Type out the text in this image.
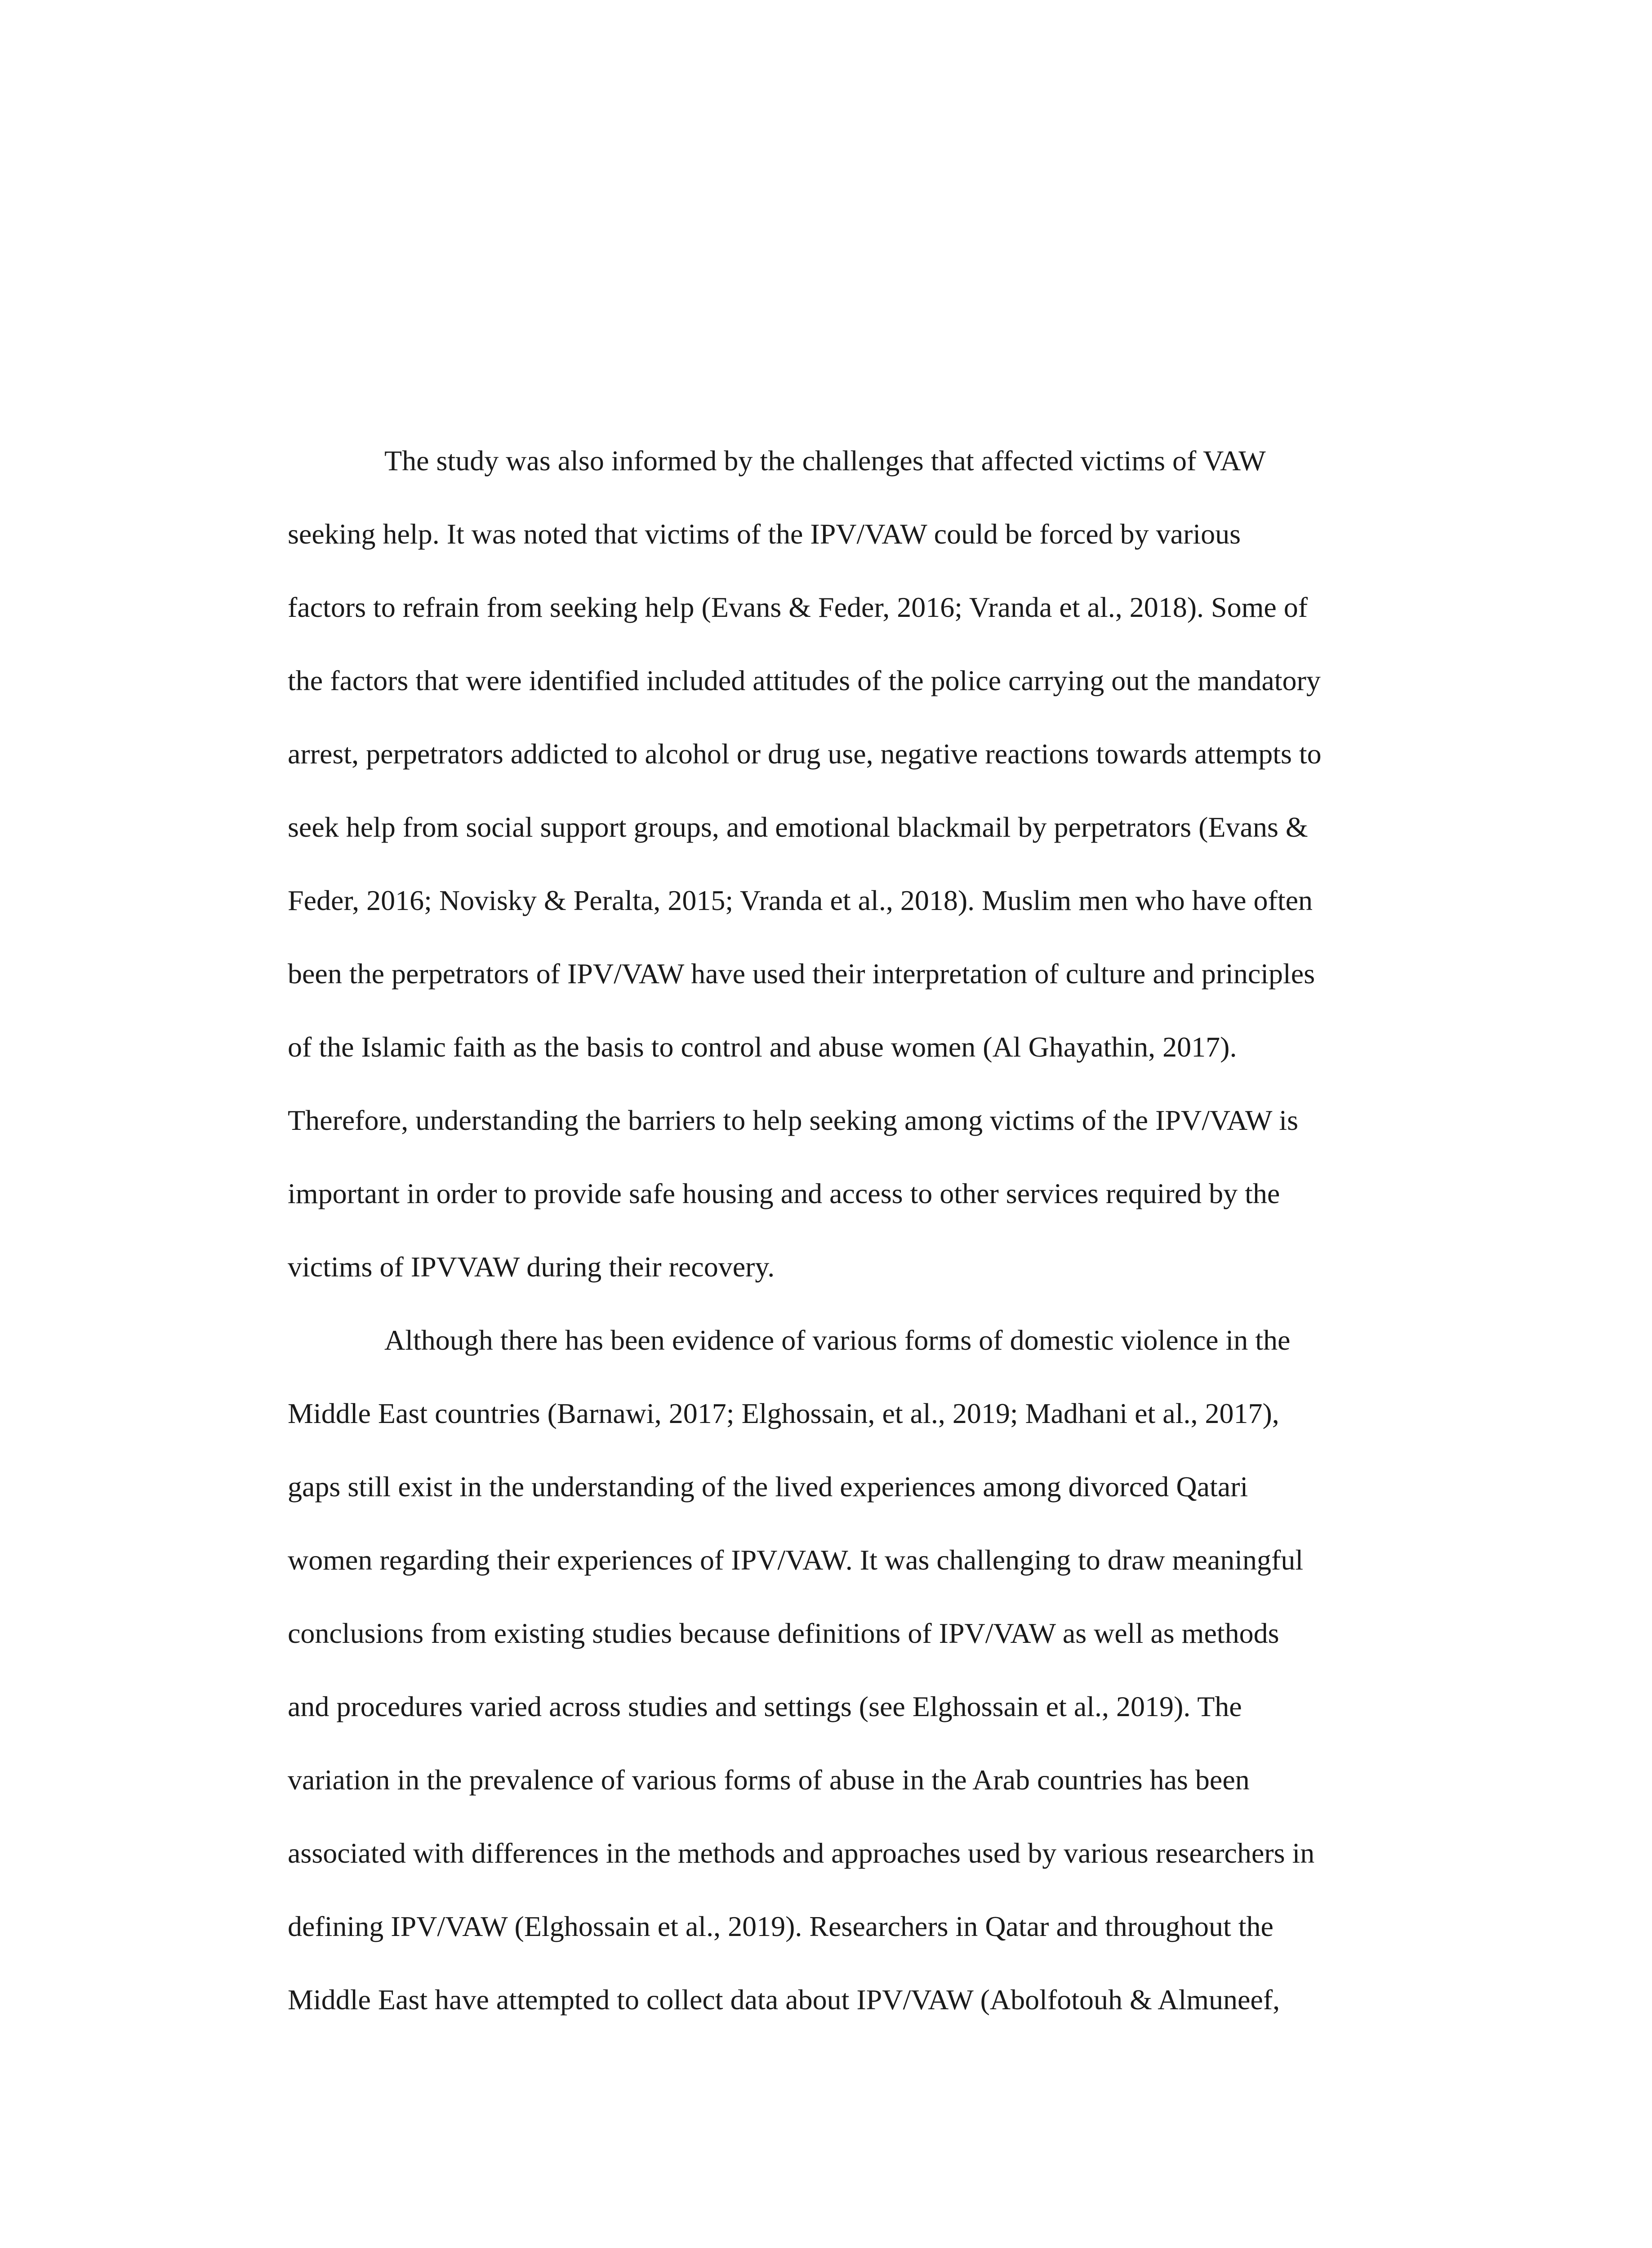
The study was also informed by the challenges that affected victims of VAW
seeking help. It was noted that victims of the IPV/VAW could be forced by various
factors to refrain from seeking help (Evans & Feder, 2016; Vranda et al., 2018). Some of
the factors that were identified included attitudes of the police carrying out the mandatory
arrest, perpetrators addicted to alcohol or drug use, negative reactions towards attempts to
seek help from social support groups, and emotional blackmail by perpetrators (Evans &
Feder, 2016; Novisky & Peralta, 2015; Vranda et al., 2018). Muslim men who have often
been the perpetrators of IPV/VAW have used their interpretation of culture and principles
of the Islamic faith as the basis to control and abuse women (Al Ghayathin, 2017).
Therefore, understanding the barriers to help seeking among victims of the IPV/VAW is
important in order to provide safe housing and access to other services required by the
victims of IPVVAW during their recovery.
Although there has been evidence of various forms of domestic violence in the
Middle East countries (Barnawi, 2017; Elghossain, et al., 2019; Madhani et al., 2017),
gaps still exist in the understanding of the lived experiences among divorced Qatari
women regarding their experiences of IPV/VAW. It was challenging to draw meaningful
conclusions from existing studies because definitions of IPV/VAW as well as methods
and procedures varied across studies and settings (see Elghossain et al., 2019). The
variation in the prevalence of various forms of abuse in the Arab countries has been
associated with differences in the methods and approaches used by various researchers in
defining IPV/VAW (Elghossain et al., 2019). Researchers in Qatar and throughout the
Middle East have attempted to collect data about IPV/VAW (Abolfotouh & Almuneef,
